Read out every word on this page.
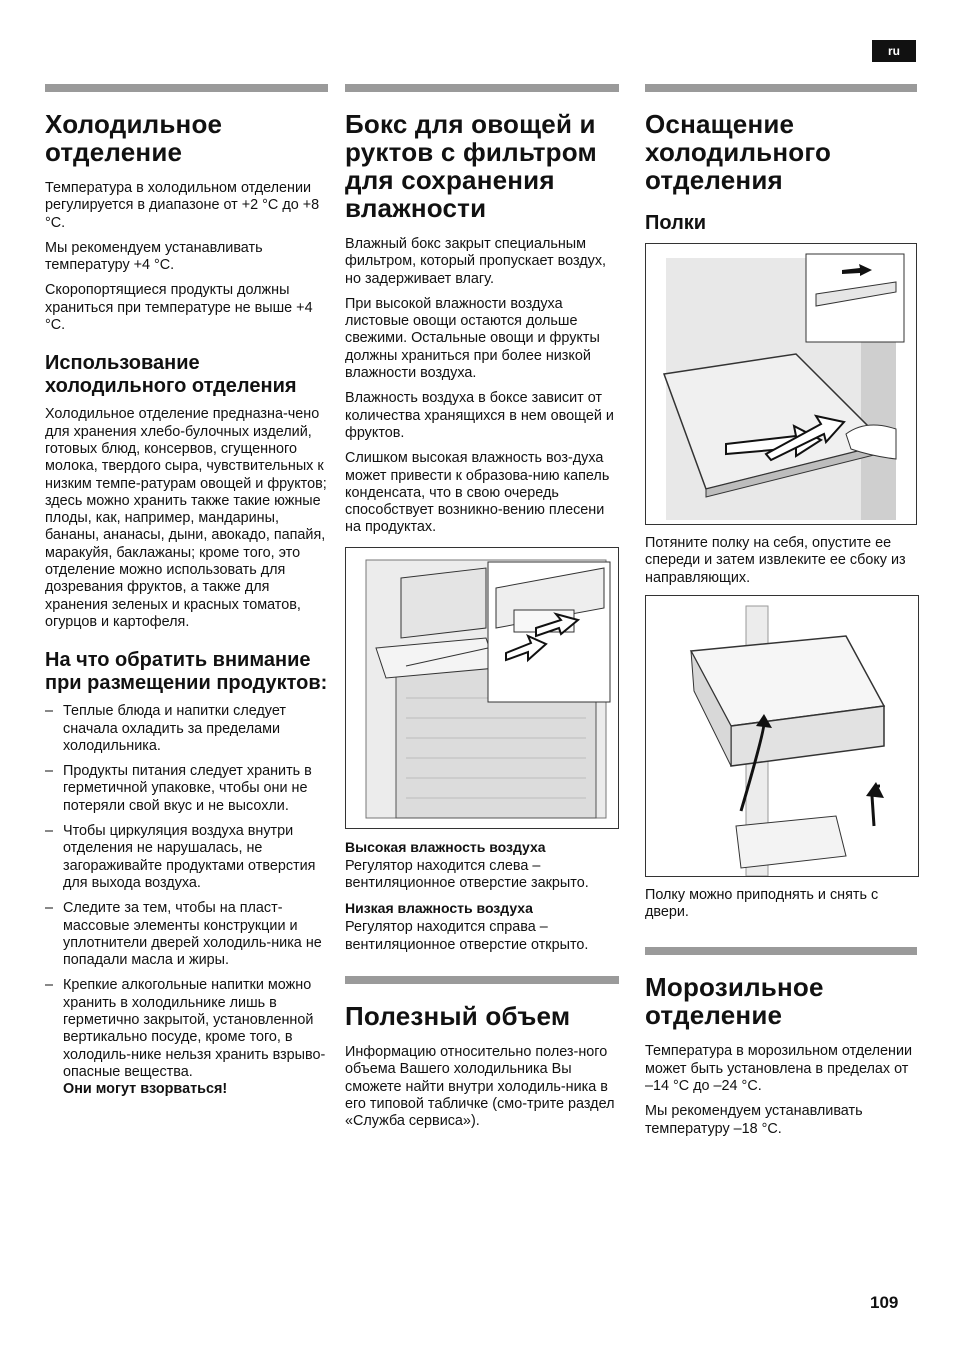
ru
Холодильное отделение

Температура в холодильном отделении регулируется в диапазоне от +2 °C до +8 °C.

Мы рекомендуем устанавливать температуру +4 °C.

Скоропортящиеся продукты должны храниться при температуре не выше +4 °C.

Использование холодильного отделения

Холодильное отделение предназна-чено для хранения хлебо-булочных изделий, готовых блюд, консервов, сгущенного молока, твердого сыра, чувствительных к низким темпе-ратурам овощей и фруктов; здесь можно хранить также такие южные плоды, как, например, мандарины, бананы, ананасы, дыни, авокадо, папайя, маракуйя, баклажаны; кроме того, это отделение можно использовать для дозревания фруктов, а также для хранения зеленых и красных томатов, огурцов и картофеля.

На что обратить внимание при размещении продуктов:
– Теплые блюда и напитки следует сначала охладить за пределами холодильника.
– Продукты питания следует хранить в герметичной упаковке, чтобы они не потеряли свой вкус и не высохли.
– Чтобы циркуляция воздуха внутри отделения не нарушалась, не загораживайте продуктами отверстия для выхода воздуха.
– Следите за тем, чтобы на пласт-массовые элементы конструкции и уплотнители дверей холодиль-ника не попадали масла и жиры.
– Крепкие алкогольные напитки можно хранить в холодильнике лишь в герметично закрытой, установленной вертикально посуде, кроме того, в холодиль-нике нельзя хранить взрыво-опасные вещества.
Они могут взорваться!
Бокс для овощей и руктов с фильтром для сохранения влажности

Влажный бокс закрыт специальным фильтром, который пропускает воздух, но задерживает влагу.

При высокой влажности воздуха листовые овощи остаются дольше свежими. Остальные овощи и фрукты должны храниться при более низкой влажности воздуха.

Влажность воздуха в боксе зависит от количества хранящихся в нем овощей и фруктов.

Слишком высокая влажность воз-духа может привести к образова-нию капель конденсата, что в свою очередь способствует возникно-вению плесени на продуктах.

Высокая влажность воздуха

Регулятор находится слева – вентиляционное отверстие закрыто.

Низкая влажность воздуха

Регулятор находится справа – вентиляционное отверстие открыто.

Полезный объем

Информацию относительно полез-ного объема Вашего холодильника Вы сможете найти внутри холодиль-ника в его типовой табличке (смо-трите раздел «Служба сервиса»).

Оснащение холодильного отделения
Полки

Потяните полку на себя, опустите ее спереди и затем извлеките ее сбоку из направляющих.

Полку можно приподнять и снять с двери.

Морозильное отделение

Температура в морозильном отделении может быть установлена в пределах от –14 °C до –24 °C.

Мы рекомендуем устанавливать температуру –18 °C.

109
